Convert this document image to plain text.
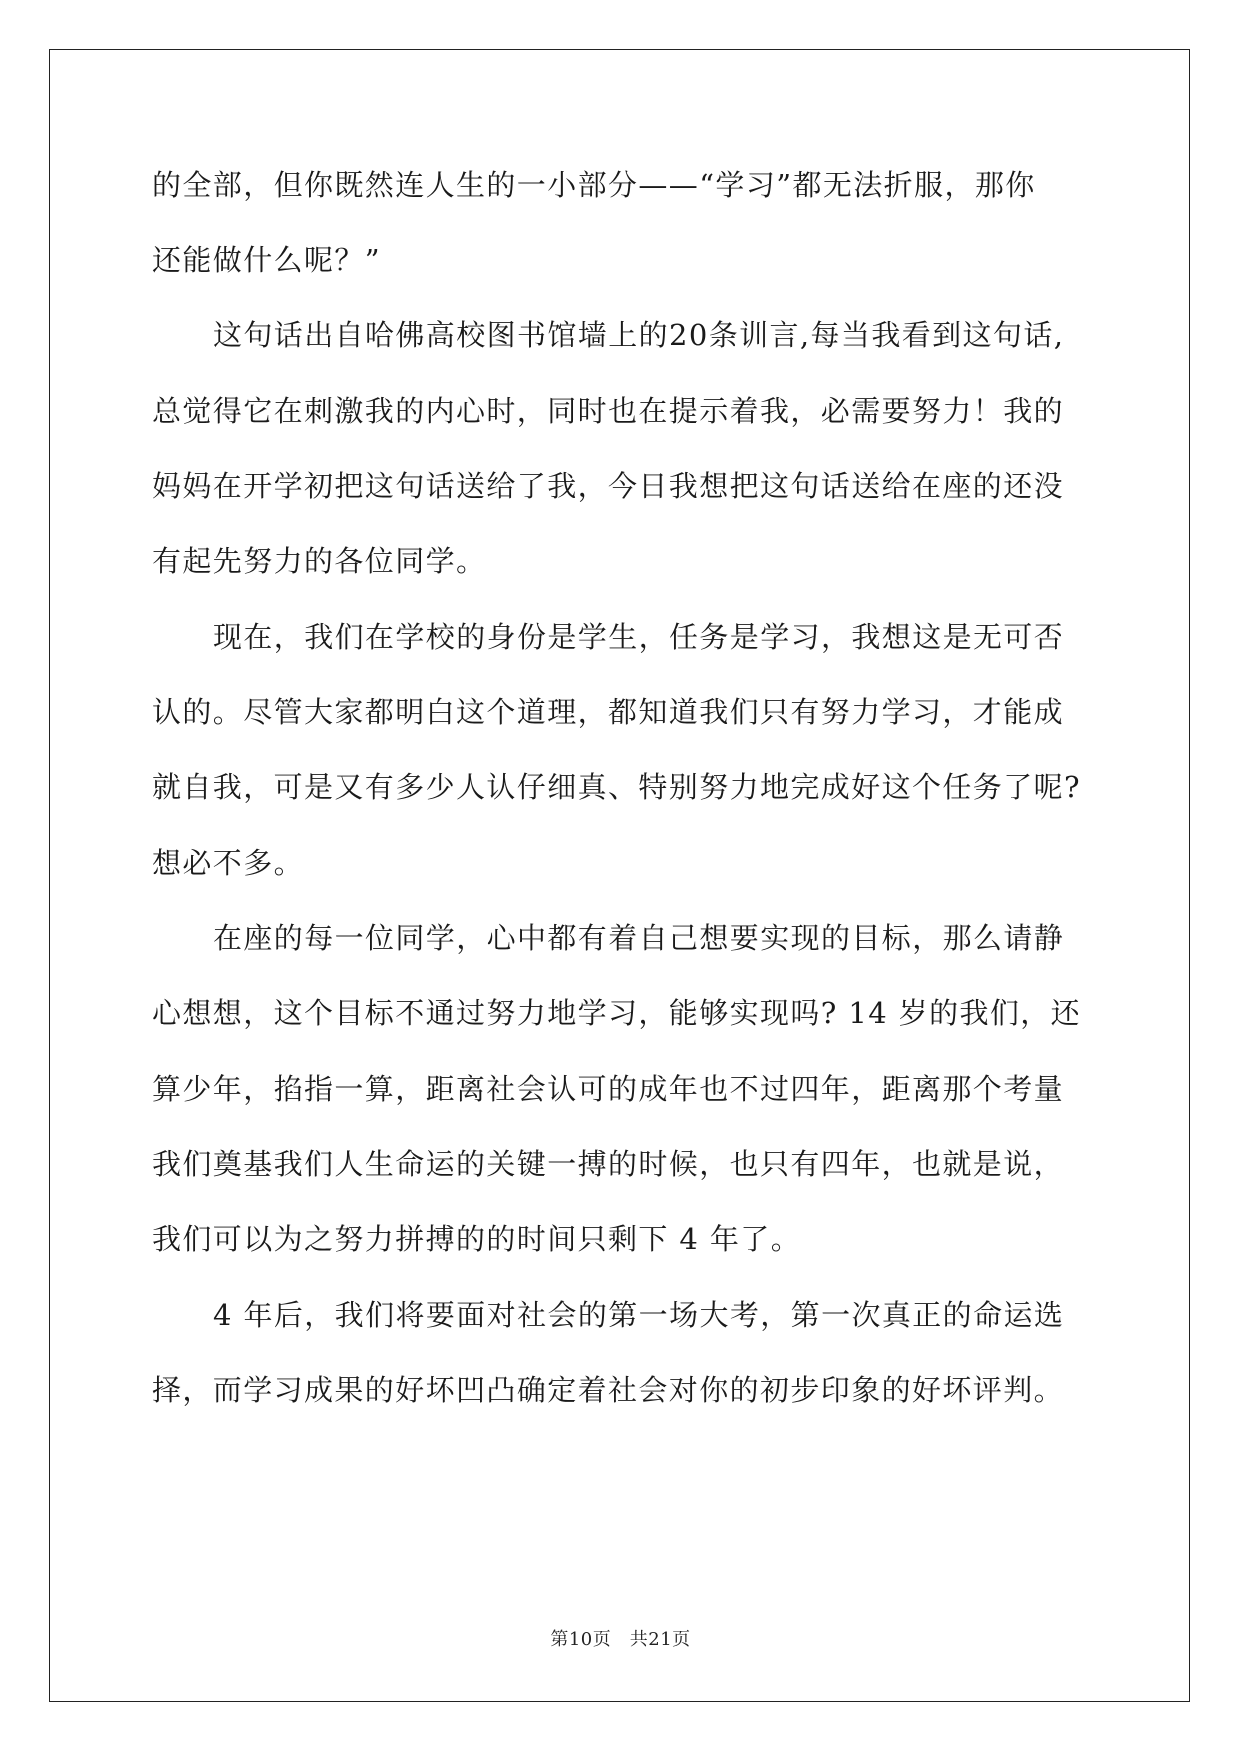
的全部，但你既然连人生的一小部分——“学习”都无法折服，那你
还能做什么呢？”
这句话出自哈佛高校图书馆墙上的20条训言,每当我看到这句话,
总觉得它在刺激我的内心时，同时也在提示着我，必需要努力！我的
妈妈在开学初把这句话送给了我，今日我想把这句话送给在座的还没
有起先努力的各位同学。
现在，我们在学校的身份是学生，任务是学习，我想这是无可否
认的。尽管大家都明白这个道理，都知道我们只有努力学习，才能成
就自我，可是又有多少人认仔细真、特别努力地完成好这个任务了呢?
想必不多。
在座的每一位同学，心中都有着自己想要实现的目标，那么请静
心想想，这个目标不通过努力地学习，能够实现吗? 14 岁的我们，还
算少年，掐指一算，距离社会认可的成年也不过四年，距离那个考量
我们奠基我们人生命运的关键一搏的时候，也只有四年，也就是说，
我们可以为之努力拼搏的的时间只剩下 4 年了。
4 年后，我们将要面对社会的第一场大考，第一次真正的命运选
择，而学习成果的好坏凹凸确定着社会对你的初步印象的好坏评判。
第10页　共21页
